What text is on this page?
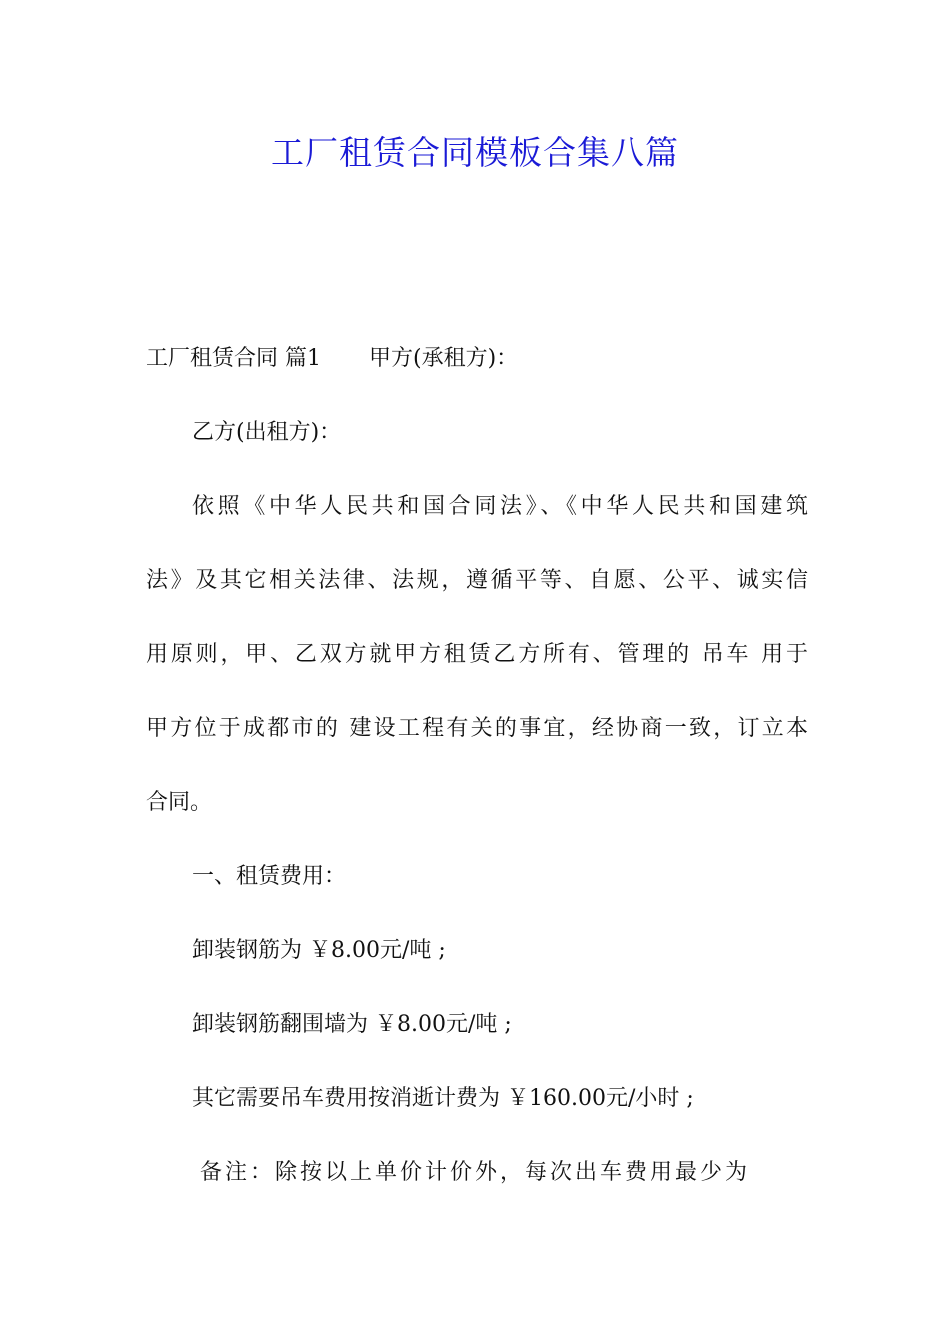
工厂租赁合同模板合集八篇
工厂租赁合同 篇1 甲方(承租方)：
乙方(出租方)：
依照《中华人民共和国合同法》、《中华人民共和国建筑
法》及其它相关法律、法规，遵循平等、自愿、公平、诚实信
用原则，甲、乙双方就甲方租赁乙方所有、管理的 吊车 用于
甲方位于成都市的 建设工程有关的事宜，经协商一致，订立本
合同。
一、租赁费用：
卸装钢筋为 ￥8.00元/吨 ;
卸装钢筋翻围墙为 ￥8.00元/吨 ;
其它需要吊车费用按消逝计费为 ￥160.00元/小时 ;
备注：除按以上单价计价外，每次出车费用最少为
